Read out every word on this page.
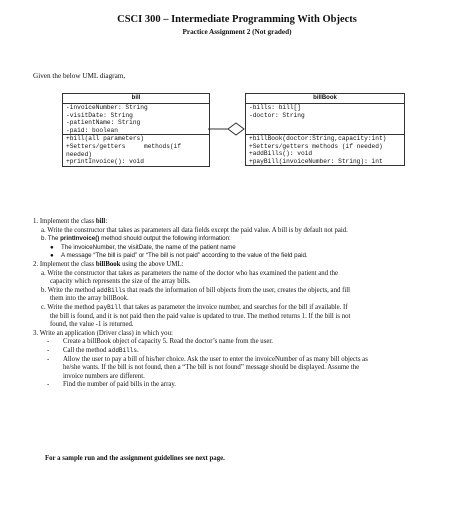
CSCI 300 – Intermediate Programming With Objects
Practice Assignment 2 (Not graded)
Given the below UML diagram,
bill
-invoiceNumber: String
-visitDate: String
-patientName: String
-paid: boolean
+bill(all parameters)
+Setters/getters     methods(if
needed)
+printInvoice(): void
billBook
-bills: bill[]
-doctor: String
+billBook(doctor:String,capacity:int)
+Setters/getters methods (if needed)
+addBills(): void
+payBill(invoiceNumber: String): int
1. Implement the class bill:
a. Write the constructor that takes as parameters all data fields except the paid value. A bill is by default not paid.
b. The printInvoice() method should output the following information:
● The invoiceNumber, the visitDate, the name of the patient name
● A message “The bill is paid” or “The bill is not paid” according to the value of the field paid.
2. Implement the class billBook using the above UML:
a. Write the constructor that takes as parameters the name of the doctor who has examined the patient and the
capacity which represents the size of the array bills.
b. Write the method addBills that reads the information of bill objects from the user, creates the objects, and fill
them into the array billBook.
c. Write the method payBill that takes as parameter the invoice number, and searches for the bill if available. If
the bill is found, and it is not paid then the paid value is updated to true. The method returns 1. If the bill is not
found, the value -1 is returned.
3. Write an application (Driver class) in which you:
- Create a billBook object of capacity 5. Read the doctor’s name from the user.
- Call the method addBills.
- Allow the user to pay a bill of his/her choice. Ask the user to enter the invoiceNumber of as many bill objects as
he/she wants. If the bill is not found, then a “The bill is not found” message should be displayed. Assume the
invoice numbers are different.
- Find the number of paid bills in the array.
For a sample run and the assignment guidelines see next page.
